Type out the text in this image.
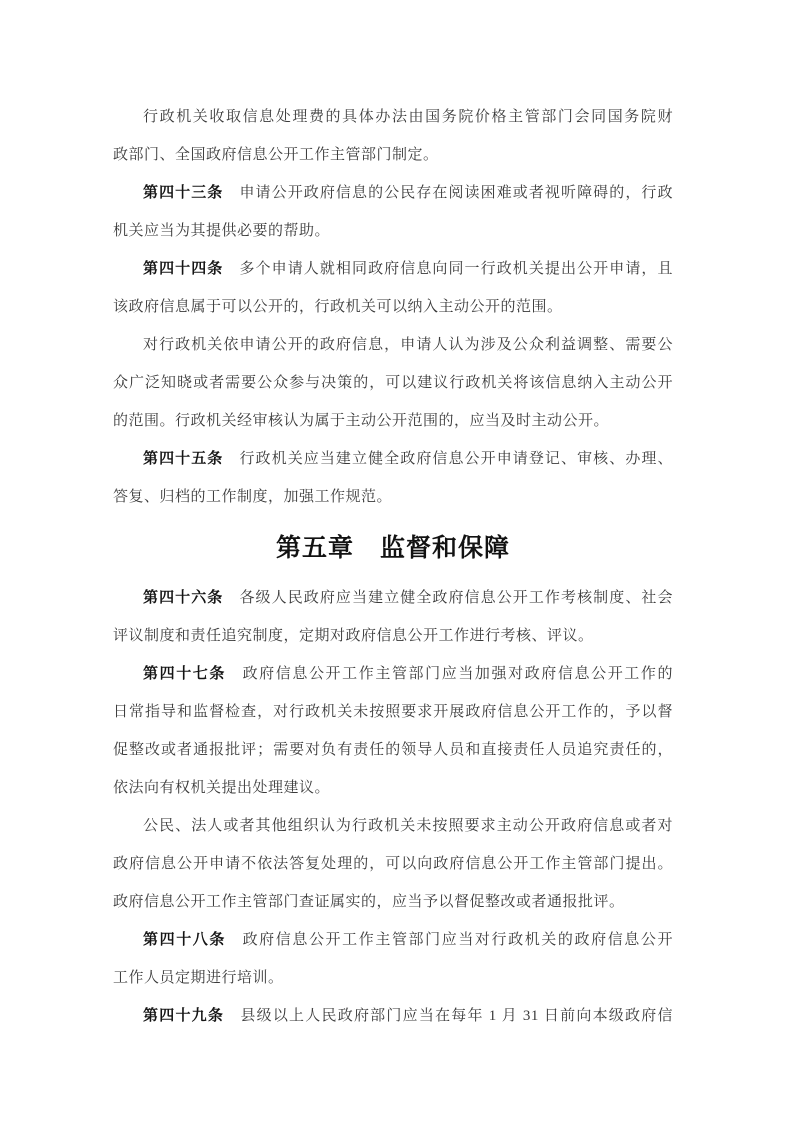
行政机关收取信息处理费的具体办法由国务院价格主管部门会同国务院财
政部门、全国政府信息公开工作主管部门制定。
第四十三条　申请公开政府信息的公民存在阅读困难或者视听障碍的，行政
机关应当为其提供必要的帮助。
第四十四条　多个申请人就相同政府信息向同一行政机关提出公开申请，且
该政府信息属于可以公开的，行政机关可以纳入主动公开的范围。
对行政机关依申请公开的政府信息，申请人认为涉及公众利益调整、需要公
众广泛知晓或者需要公众参与决策的，可以建议行政机关将该信息纳入主动公开
的范围。行政机关经审核认为属于主动公开范围的，应当及时主动公开。
第四十五条　行政机关应当建立健全政府信息公开申请登记、审核、办理、
答复、归档的工作制度，加强工作规范。
第五章　监督和保障
第四十六条　各级人民政府应当建立健全政府信息公开工作考核制度、社会
评议制度和责任追究制度，定期对政府信息公开工作进行考核、评议。
第四十七条　政府信息公开工作主管部门应当加强对政府信息公开工作的
日常指导和监督检查，对行政机关未按照要求开展政府信息公开工作的，予以督
促整改或者通报批评；需要对负有责任的领导人员和直接责任人员追究责任的，
依法向有权机关提出处理建议。
公民、法人或者其他组织认为行政机关未按照要求主动公开政府信息或者对
政府信息公开申请不依法答复处理的，可以向政府信息公开工作主管部门提出。
政府信息公开工作主管部门查证属实的，应当予以督促整改或者通报批评。
第四十八条　政府信息公开工作主管部门应当对行政机关的政府信息公开
工作人员定期进行培训。
第四十九条　县级以上人民政府部门应当在每年 1 月 31 日前向本级政府信
